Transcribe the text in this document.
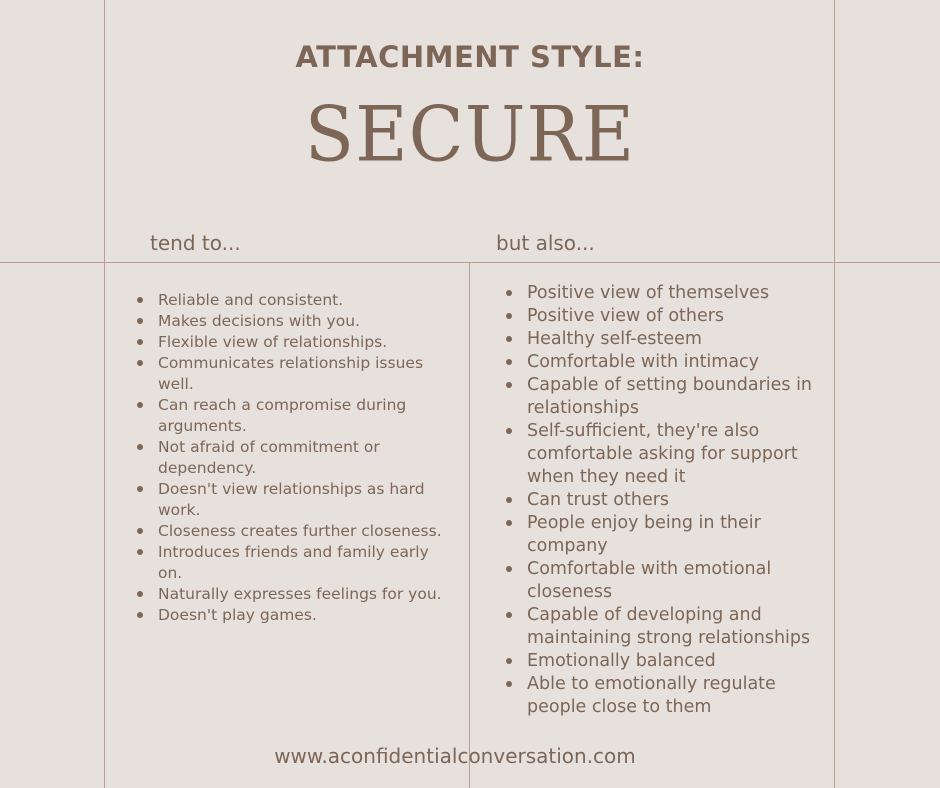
ATTACHMENT STYLE:
SECURE
tend to...	but also...
Reliable and consistent.
Makes decisions with you.
Flexible view of relationships.
Communicates relationship issues well.
Can reach a compromise during arguments.
Not afraid of commitment or dependency.
Doesn't view relationships as hard work.
Closeness creates further closeness.
Introduces friends and family early on.
Naturally expresses feelings for you.
Doesn't play games.
Positive view of themselves
Positive view of others
Healthy self-esteem
Comfortable with intimacy
Capable of setting boundaries in relationships
Self-sufficient, they're also comfortable asking for support when they need it
Can trust others
People enjoy being in their company
Comfortable with emotional closeness
Capable of developing and maintaining strong relationships
Emotionally balanced
Able to emotionally regulate people close to them
www.aconfidentialconversation.com
